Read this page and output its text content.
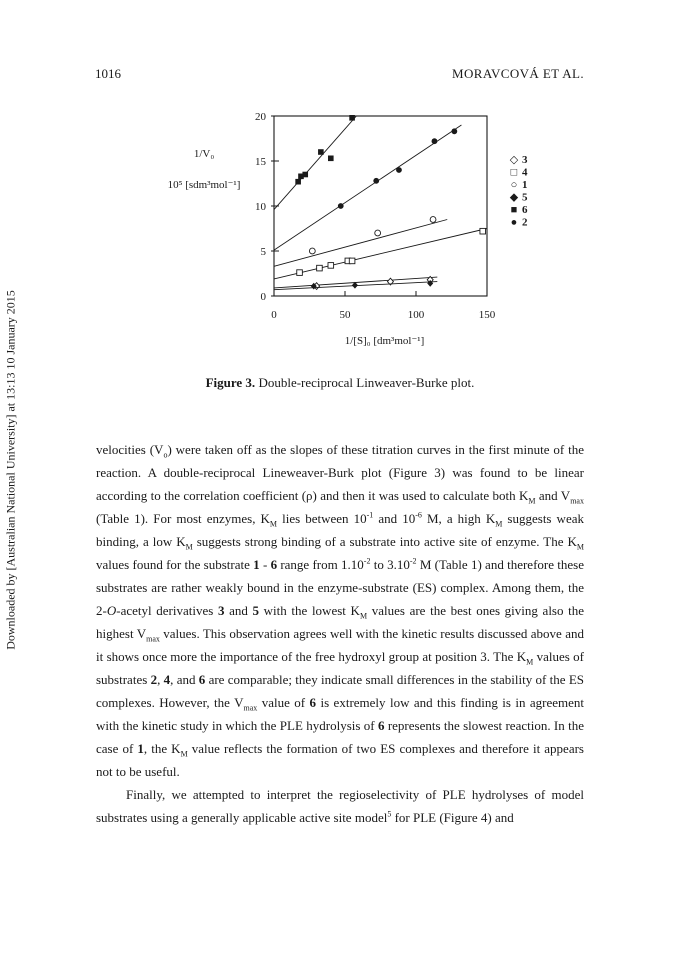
1016	MORAVCOVÁ ET AL.
Downloaded by [Australian National University] at 13:13 10 January 2015	0
5
10
15
20
0	50	100	150
1/V₀
10⁵ [sdm³mol⁻¹]
1/[S]₀ [dm³mol⁻¹]
◇ 3
□ 4
○ 1
◆ 5
■ 6
● 2
Figure 3. Double-reciprocal Linweaver-Burke plot.

velocities $(V_o)$ were taken off as the slopes of these titration curves in the first minute of the reaction. A double-reciprocal Lineweaver-Burk plot (Figure 3) was found to be linear according to the correlation coefficient (ρ) and then it was used to calculate both $K_M$ and $V_{max}$ (Table 1). For most enzymes, $K_M$ lies between $10^{-1}$ and $10^{-6}$ M, a high $K_M$ suggests weak binding, a low $K_M$ suggests strong binding of a substrate into active site of enzyme. The $K_M$ values found for the substrate 1 - 6 range from $1.10^{-2}$ to $3.10^{-2}$ M (Table 1) and therefore these substrates are rather weakly bound in the enzyme-substrate (ES) complex. Among them, the 2-O-acetyl derivatives 3 and 5 with the lowest $K_M$ values are the best ones giving also the highest $V_{max}$ values. This observation agrees well with the kinetic results discussed above and it shows once more the importance of the free hydroxyl group at position 3. The $K_M$ values of substrates 2, 4, and 6 are comparable; they indicate small differences in the stability of the ES complexes. However, the $V_{max}$ value of 6 is extremely low and this finding is in agreement with the kinetic study in which the PLE hydrolysis of 6 represents the slowest reaction. In the case of 1, the $K_M$ value reflects the formation of two ES complexes and therefore it appears not to be useful.

Finally, we attempted to interpret the regioselectivity of PLE hydrolyses of model substrates using a generally applicable active site model$^5$ for PLE (Figure 4) and
